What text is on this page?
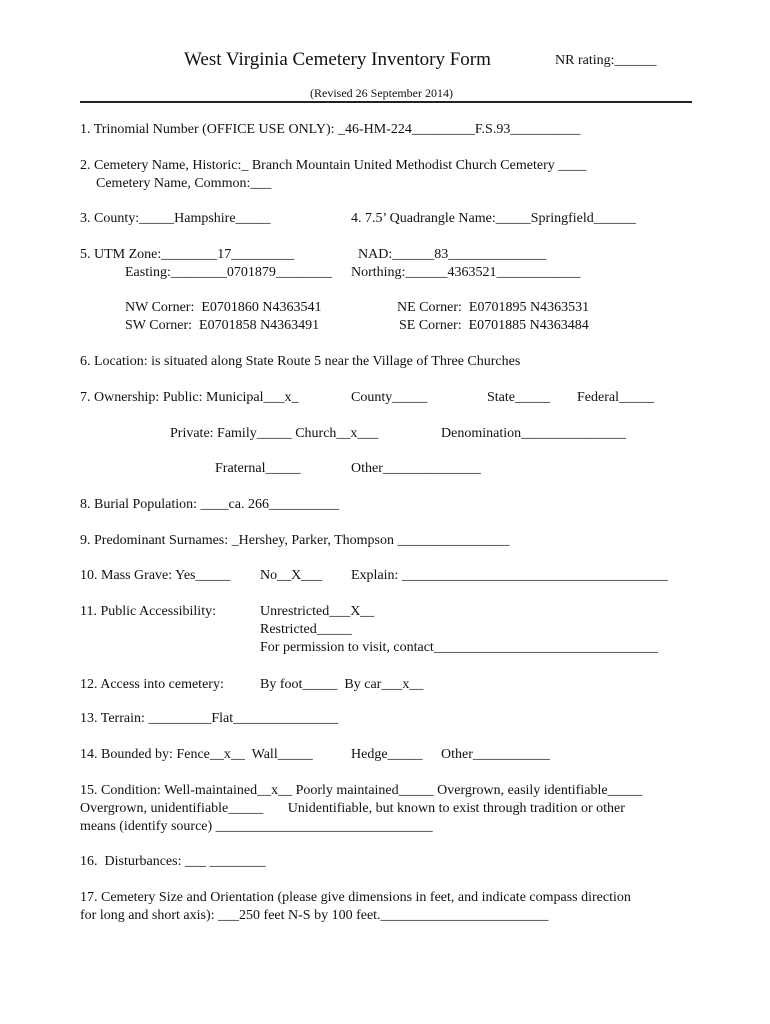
West Virginia Cemetery Inventory Form	NR rating:______
(Revised 26 September 2014)
1. Trinomial Number (OFFICE USE ONLY): _46-HM-224_________F.S.93__________
2. Cemetery Name, Historic:_ Branch Mountain United Methodist Church Cemetery ____
Cemetery Name, Common:___
3. County:_____Hampshire_____	4. 7.5’ Quadrangle Name:_____Springfield______
5. UTM Zone:________17_________	NAD:______83______________
Easting:________0701879________ Northing:______4363521____________
NW Corner:  E0701860 N4363541	NE Corner:  E0701895 N4363531
SW Corner:  E0701858 N4363491	SE Corner:  E0701885 N4363484
6. Location: is situated along State Route 5 near the Village of Three Churches
7. Ownership: Public: Municipal___x_	County_____	State_____ Federal_____
Private: Family_____ Church__x___	Denomination_______________
Fraternal_____	Other______________
8. Burial Population: ____ca. 266__________
9. Predominant Surnames: _Hershey, Parker, Thompson ________________
10. Mass Grave: Yes_____ No__X___ Explain: ______________________________________
11. Public Accessibility:	Unrestricted___X__
Restricted_____
For permission to visit, contact________________________________
12. Access into cemetery:	By foot_____  By car___x__
13. Terrain: _________Flat_______________
14. Bounded by: Fence__x__  Wall_____	Hedge_____ Other___________
15. Condition: Well-maintained__x__ Poorly maintained_____ Overgrown, easily identifiable_____
Overgrown, unidentifiable_____       Unidentifiable, but known to exist through tradition or other
means (identify source) _______________________________
16.  Disturbances: ___ ________
17. Cemetery Size and Orientation (please give dimensions in feet, and indicate compass direction
for long and short axis): ___250 feet N-S by 100 feet.________________________
